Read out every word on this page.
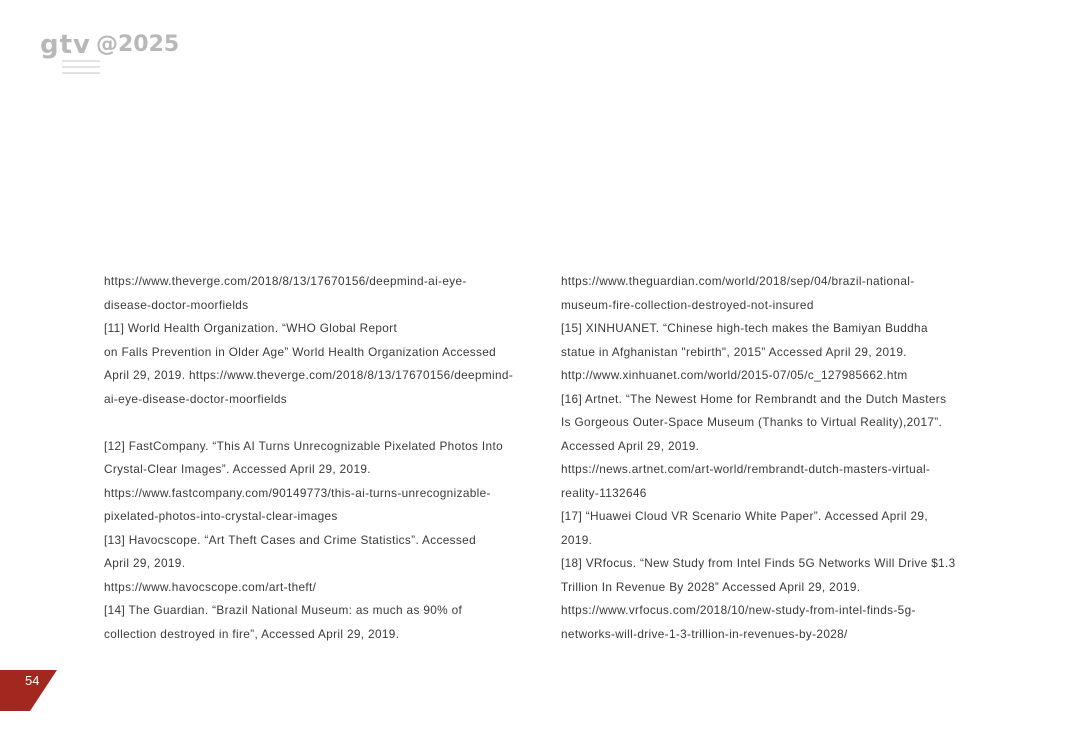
gtv @2025
https://www.theverge.com/2018/8/13/17670156/deepmind-ai-eye-
disease-doctor-moorfields
[11] World Health Organization. “WHO Global Report
on Falls Prevention in Older Age” World Health Organization Accessed
April 29, 2019. https://www.theverge.com/2018/8/13/17670156/deepmind-
ai-eye-disease-doctor-moorfields
[12] FastCompany. “This AI Turns Unrecognizable Pixelated Photos Into
Crystal-Clear Images”. Accessed April 29, 2019.
https://www.fastcompany.com/90149773/this-ai-turns-unrecognizable-
pixelated-photos-into-crystal-clear-images
[13] Havocscope. “Art Theft Cases and Crime Statistics”. Accessed
April 29, 2019.
https://www.havocscope.com/art-theft/
[14] The Guardian. “Brazil National Museum: as much as 90% of
collection destroyed in fire”, Accessed April 29, 2019.
https://www.theguardian.com/world/2018/sep/04/brazil-national-
museum-fire-collection-destroyed-not-insured
[15] XINHUANET. “Chinese high-tech makes the Bamiyan Buddha
statue in Afghanistan "rebirth", 2015” Accessed April 29, 2019.
http://www.xinhuanet.com/world/2015-07/05/c_127985662.htm
[16] Artnet. “The Newest Home for Rembrandt and the Dutch Masters
Is Gorgeous Outer-Space Museum (Thanks to Virtual Reality),2017”.
Accessed April 29, 2019.
https://news.artnet.com/art-world/rembrandt-dutch-masters-virtual-
reality-1132646
[17] “Huawei Cloud VR Scenario White Paper”. Accessed April 29,
2019.
[18] VRfocus. “New Study from Intel Finds 5G Networks Will Drive $1.3
Trillion In Revenue By 2028” Accessed April 29, 2019.
https://www.vrfocus.com/2018/10/new-study-from-intel-finds-5g-
networks-will-drive-1-3-trillion-in-revenues-by-2028/
54
